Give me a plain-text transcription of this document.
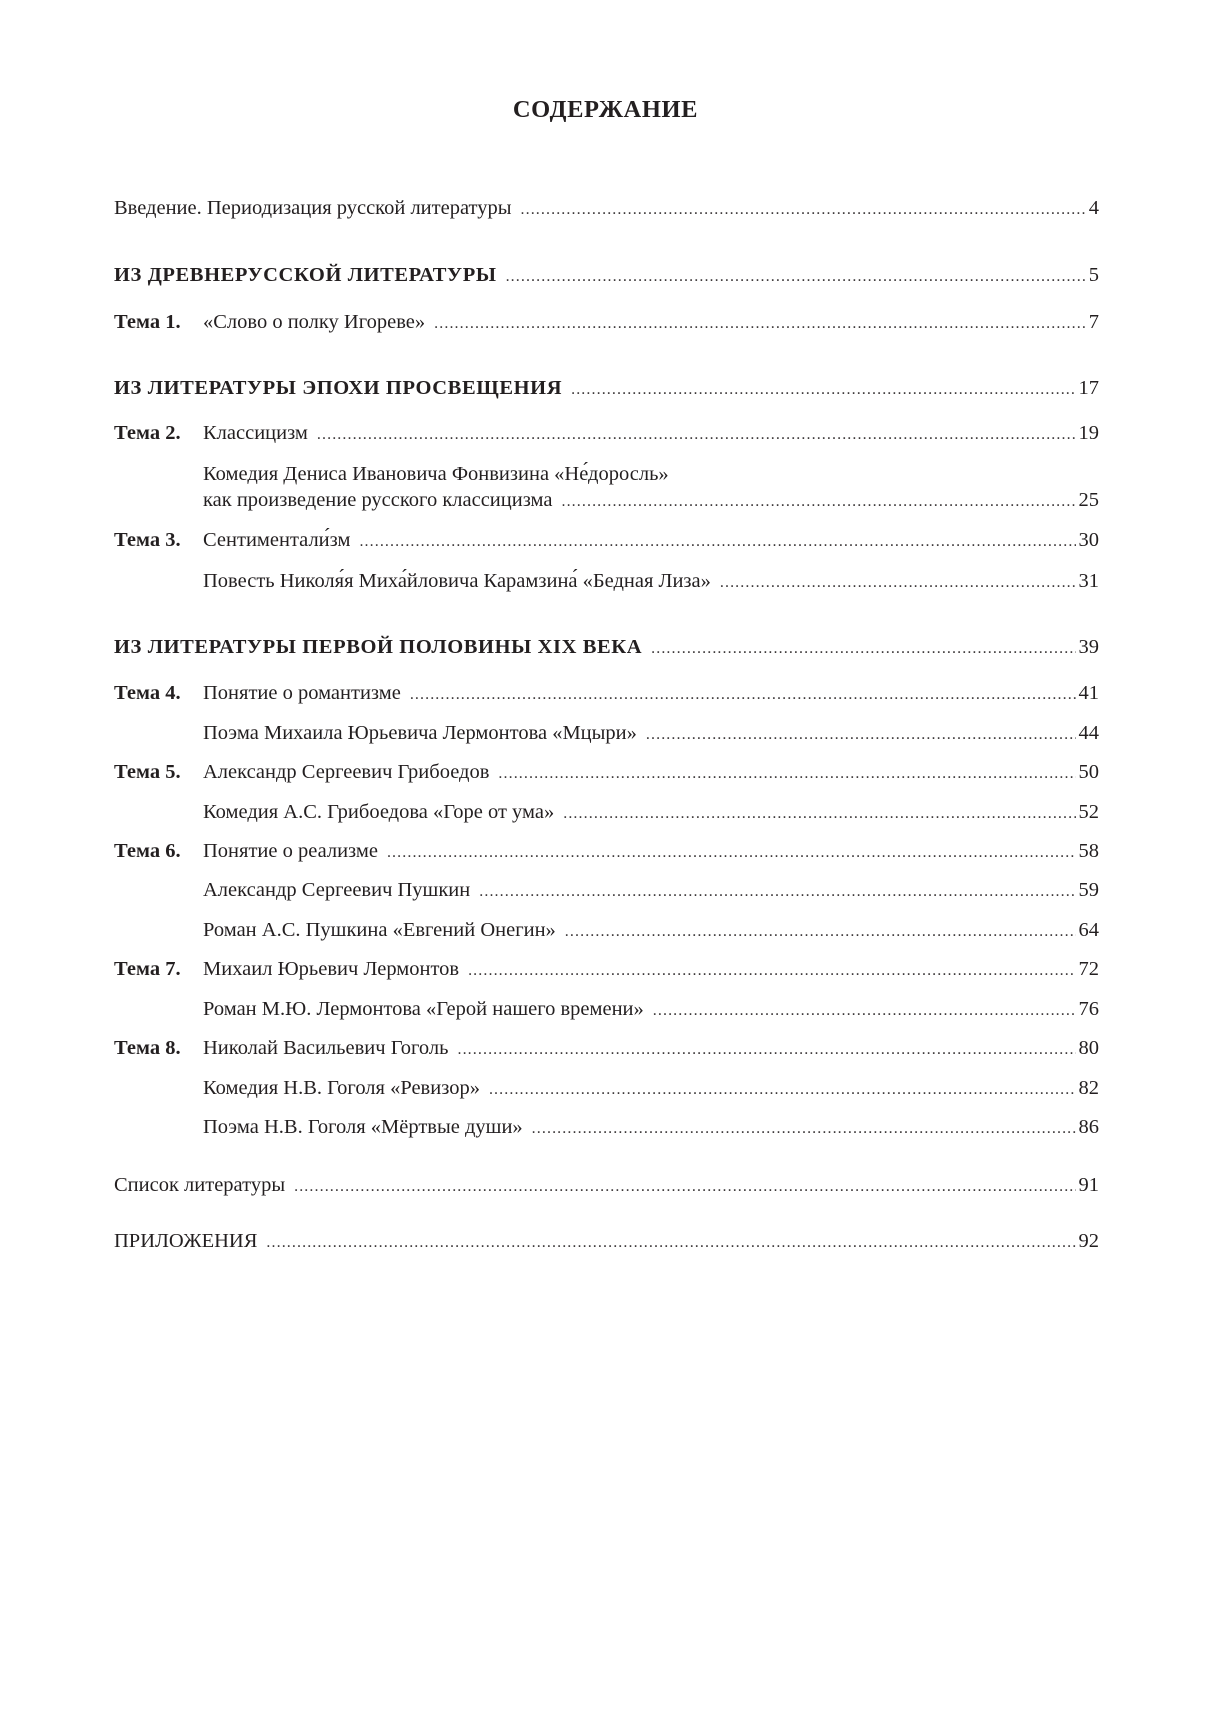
СОДЕРЖАНИЕ
Введение. Периодизация русской литературы .....	4
ИЗ ДРЕВНЕРУССКОЙ ЛИТЕРАТУРЫ .....	5
Тема 1. «Слово о полку Игореве» .....	7
ИЗ ЛИТЕРАТУРЫ ЭПОХИ ПРОСВЕЩЕНИЯ .....	17
Тема 2. Классицизм .....	19
Комедия Дениса Ивановича Фонвизина «Не́доросль»
как произведение русского классицизма .....	25
Тема 3. Сентиментали́зм .....	30
Повесть Николя́я Миха́йловича Карамзина́ «Бедная Лиза» .....	31
ИЗ ЛИТЕРАТУРЫ ПЕРВОЙ ПОЛОВИНЫ XIX ВЕКА .....	39
Тема 4. Понятие о романтизме .....	41
Поэма Михаила Юрьевича Лермонтова «Мцыри» .....	44
Тема 5. Александр Сергеевич Грибоедов .....	50
Комедия А.С. Грибоедова «Горе от ума» .....	52
Тема 6. Понятие о реализме .....	58
Александр Сергеевич Пушкин .....	59
Роман А.С. Пушкина «Евгений Онегин» .....	64
Тема 7. Михаил Юрьевич Лермонтов .....	72
Роман М.Ю. Лермонтова «Герой нашего времени» .....	76
Тема 8. Николай Васильевич Гоголь .....	80
Комедия Н.В. Гоголя «Ревизор» .....	82
Поэма Н.В. Гоголя «Мёртвые души» .....	86
Список литературы .....	91
ПРИЛОЖЕНИЯ .....	92
